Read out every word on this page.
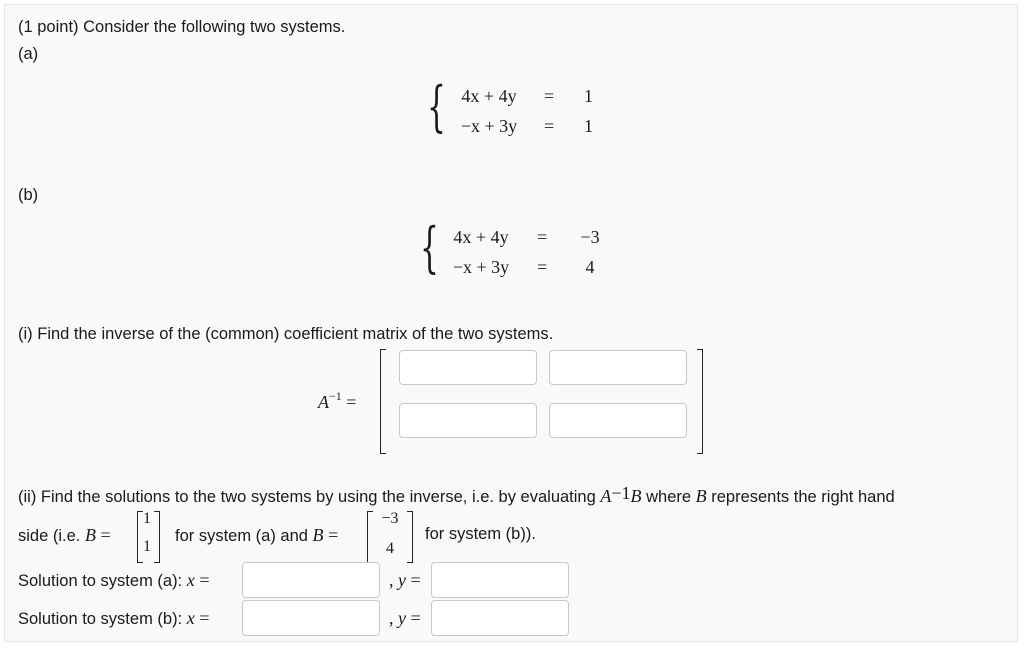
(1 point) Consider the following two systems.
(a)
{ 4x + 4y	= 1
−x + 3y	= 1
(b)
{ 4x + 4y	= −3
−x + 3y	=	4
(i) Find the inverse of the (common) coefficient matrix of the two systems.
$A^{-1}$ =
(ii) Find the solutions to the two systems by using the inverse, i.e. by evaluating $A^{-1}B$ where B represents the right hand
side (i.e. B =
1
1
for system (a) and B =
−3
4
for system (b)).
Solution to system (a): x =	, y =
Solution to system (b): x =	, y =
